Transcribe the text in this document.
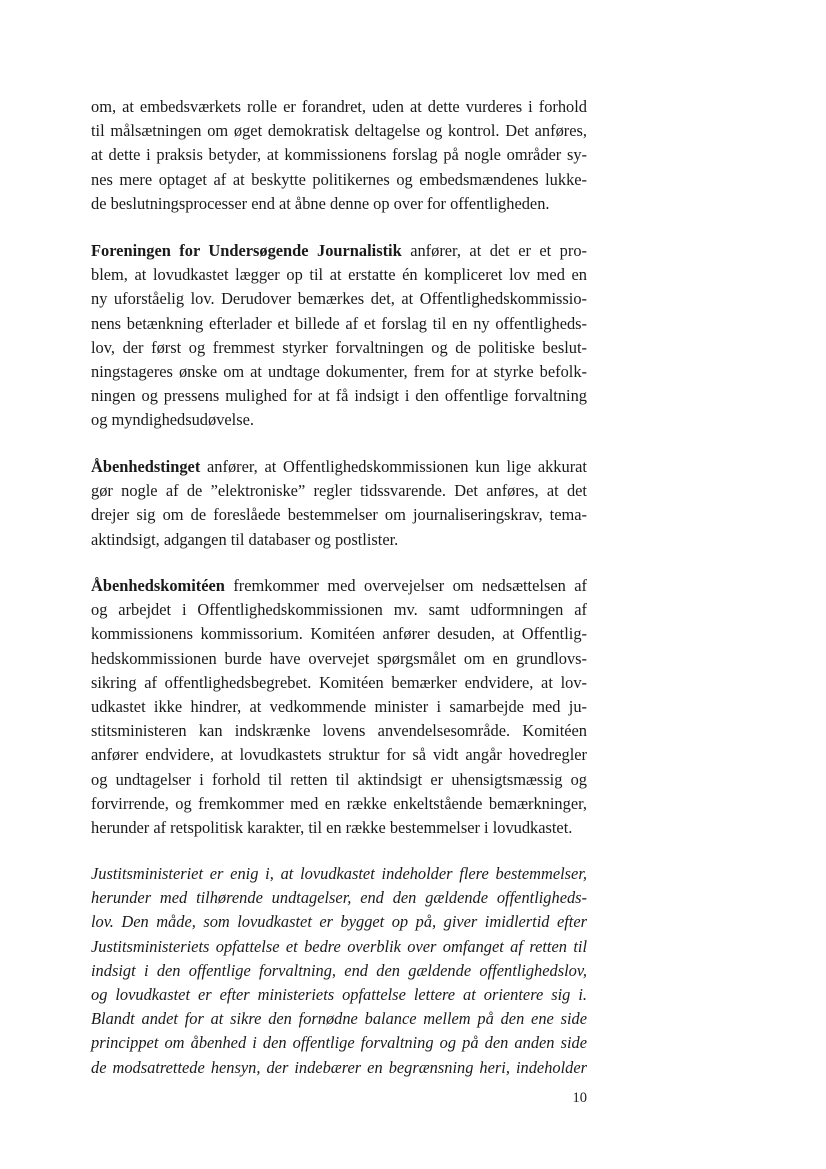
om, at embedsværkets rolle er forandret, uden at dette vurderes i forhold
til målsætningen om øget demokratisk deltagelse og kontrol. Det anføres,
at dette i praksis betyder, at kommissionens forslag på nogle områder sy-
nes mere optaget af at beskytte politikernes og embedsmændenes lukke-
de beslutningsprocesser end at åbne denne op over for offentligheden.
Foreningen for Undersøgende Journalistik anfører, at det er et pro-
blem, at lovudkastet lægger op til at erstatte én kompliceret lov med en
ny uforståelig lov. Derudover bemærkes det, at Offentlighedskommissio-
nens betænkning efterlader et billede af et forslag til en ny offentligheds-
lov, der først og fremmest styrker forvaltningen og de politiske beslut-
ningstageres ønske om at undtage dokumenter, frem for at styrke befolk-
ningen og pressens mulighed for at få indsigt i den offentlige forvaltning
og myndighedsudøvelse.
Åbenhedstinget anfører, at Offentlighedskommissionen kun lige akkurat
gør nogle af de ”elektroniske” regler tidssvarende. Det anføres, at det
drejer sig om de foreslåede bestemmelser om journaliseringskrav, tema-
aktindsigt, adgangen til databaser og postlister.
Åbenhedskomitéen fremkommer med overvejelser om nedsættelsen af
og arbejdet i Offentlighedskommissionen mv. samt udformningen af
kommissionens kommissorium. Komitéen anfører desuden, at Offentlig-
hedskommissionen burde have overvejet spørgsmålet om en grundlovs-
sikring af offentlighedsbegrebet. Komitéen bemærker endvidere, at lov-
udkastet ikke hindrer, at vedkommende minister i samarbejde med ju-
stitsministeren kan indskrænke lovens anvendelsesområde. Komitéen
anfører endvidere, at lovudkastets struktur for så vidt angår hovedregler
og undtagelser i forhold til retten til aktindsigt er uhensigtsmæssig og
forvirrende, og fremkommer med en række enkeltstående bemærkninger,
herunder af retspolitisk karakter, til en række bestemmelser i lovudkastet.
Justitsministeriet er enig i, at lovudkastet indeholder flere bestemmelser,
herunder med tilhørende undtagelser, end den gældende offentligheds-
lov. Den måde, som lovudkastet er bygget op på, giver imidlertid efter
Justitsministeriets opfattelse et bedre overblik over omfanget af retten til
indsigt i den offentlige forvaltning, end den gældende offentlighedslov,
og lovudkastet er efter ministeriets opfattelse lettere at orientere sig i.
Blandt andet for at sikre den fornødne balance mellem på den ene side
princippet om åbenhed i den offentlige forvaltning og på den anden side
de modsatrettede hensyn, der indebærer en begrænsning heri, indeholder
10
